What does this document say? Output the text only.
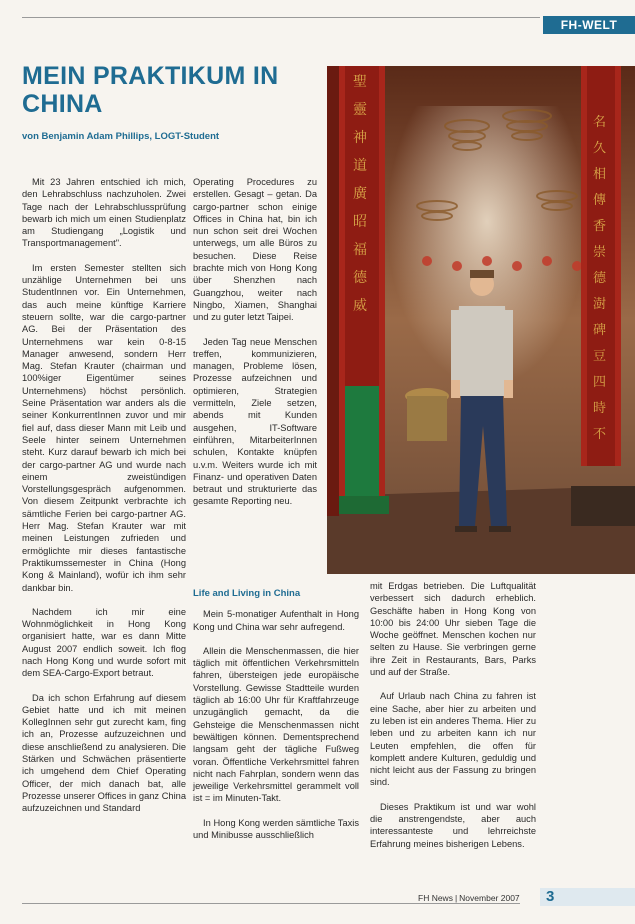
FH-WELT
MEIN PRAKTIKUM IN CHINA
von Benjamin Adam Phillips, LOGT-Student

Mit 23 Jahren entschied ich mich, den Lehrabschluss nachzuholen. Zwei Tage nach der Lehrabschlussprüfung bewarb ich mich um einen Studienplatz am Studiengang „Logistik und Transportmanagement".

Im ersten Semester stellten sich unzählige Unternehmen bei uns StudentInnen vor. Ein Unternehmen, das auch meine künftige Karriere steuern sollte, war die cargo-partner AG. Bei der Präsentation des Unternehmens war kein 0-8-15 Manager anwesend, sondern Herr Mag. Stefan Krauter (chairman und 100%iger Eigentümer seines Unternehmens) höchst persönlich. Seine Präsentation war anders als die seiner KonkurrentInnen zuvor und mir fiel auf, dass dieser Mann mit Leib und Seele hinter seinem Unternehmen steht. Kurz darauf bewarb ich mich bei der cargo-partner AG und wurde nach einem zweistündigen Vorstellungsgespräch aufgenommen. Von diesem Zeitpunkt verbrachte ich sämtliche Ferien bei cargo-partner AG. Herr Mag. Stefan Krauter war mit meinen Leistungen zufrieden und ermöglichte mir dieses fantastische Praktikumssemester in China (Hong Kong & Mainland), wofür ich ihm sehr dankbar bin.

Nachdem ich mir eine Wohnmöglichkeit in Hong Kong organisiert hatte, war es dann Mitte August 2007 endlich soweit. Ich flog nach Hong Kong und wurde sofort mit dem SEA-Cargo-Export betraut.

Da ich schon Erfahrung auf diesem Gebiet hatte und ich mit meinen KollegInnen sehr gut zurecht kam, fing ich an, Prozesse aufzuzeichnen und diese anschließend zu analysieren. Die Stärken und Schwächen präsentierte ich umgehend dem Chief Operating Officer, der mich danach bat, alle Prozesse unserer Offices in ganz China aufzuzeichnen und Standard

Operating Procedures zu erstellen. Gesagt – getan. Da cargo-partner schon einige Offices in China hat, bin ich nun schon seit drei Wochen unterwegs, um alle Büros zu besuchen. Diese Reise brachte mich von Hong Kong über Shenzhen nach Guangzhou, weiter nach Ningbo, Xiamen, Shanghai und zu guter letzt Taipei.

Jeden Tag neue Menschen treffen, kommunizieren, managen, Probleme lösen, Prozesse aufzeichnen und optimieren, Strategien vermitteln, Ziele setzen, abends mit Kunden ausgehen, IT-Software einführen, MitarbeiterInnen schulen, Kontakte knüpfen u.v.m. Weiters wurde ich mit Finanz- und operativen Daten betraut und strukturierte das gesamte Reporting neu.

Life and Living in China

Mein 5-monatiger Aufenthalt in Hong Kong und China war sehr aufregend.

Allein die Menschenmassen, die hier täglich mit öffentlichen Verkehrsmitteln fahren, übersteigen jede europäische Vorstellung. Gewisse Stadtteile wurden täglich ab 16:00 Uhr für Kraftfahrzeuge unzugänglich gemacht, da die Gehsteige die Menschenmassen nicht bewältigen können. Dementsprechend langsam geht der tägliche Fußweg voran. Öffentliche Verkehrsmittel fahren nicht nach Fahrplan, sondern wenn das jeweilige Verkehrsmittel gerammelt voll ist = im Minuten-Takt.

In Hong Kong werden sämtliche Taxis und Minibusse ausschließlich

mit Erdgas betrieben. Die Luftqualität verbessert sich dadurch erheblich. Geschäfte haben in Hong Kong von 10:00 bis 24:00 Uhr sieben Tage die Woche geöffnet. Menschen kochen nur selten zu Hause. Sie verbringen gerne ihre Zeit in Restaurants, Bars, Parks und auf der Straße.

Auf Urlaub nach China zu fahren ist eine Sache, aber hier zu arbeiten und zu leben ist ein anderes Thema. Hier zu leben und zu arbeiten kann ich nur Leuten empfehlen, die offen für komplett andere Kulturen, geduldig und nicht leicht aus der Fassung zu bringen sind.

Dieses Praktikum ist und war wohl die anstrengendste, aber auch interessanteste und lehrreichste Erfahrung meines bisherigen Lebens.

聖
靈
神
道
廣
昭
福
德
威
名
久
相
傳
香
崇
德
澍
碑
豆
四
時
不
FH News | November 2007 3
